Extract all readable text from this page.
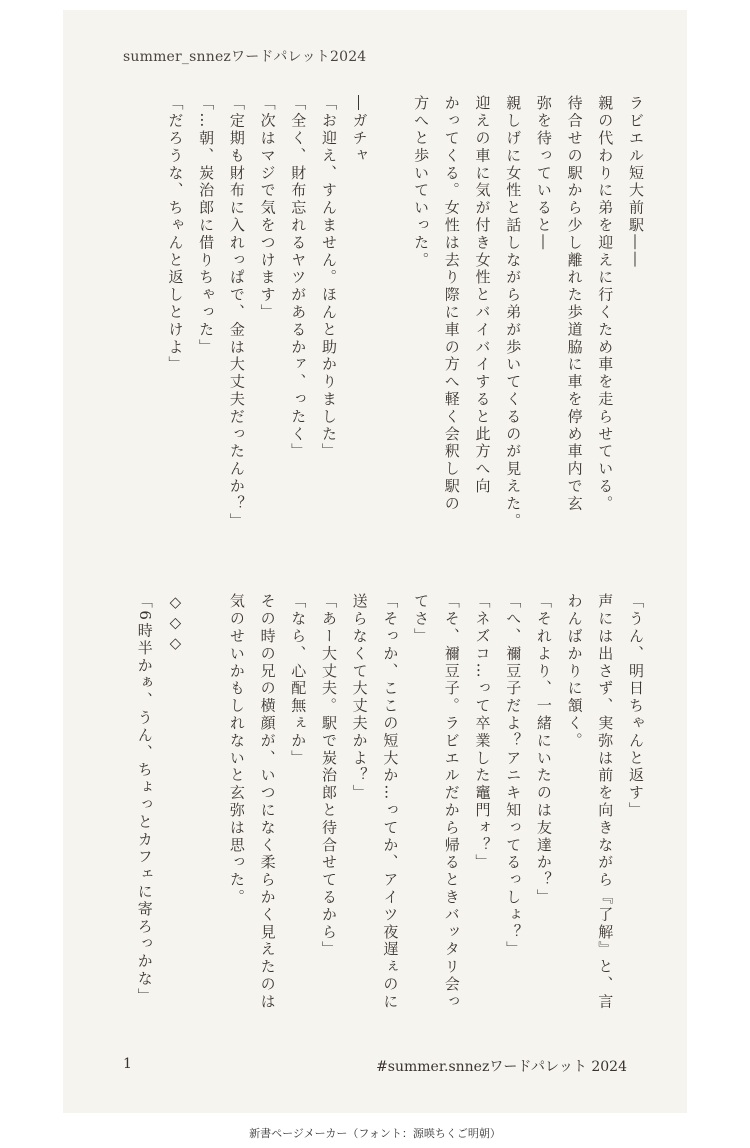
summer_snnezワードパレット2024

ラビエル短大前駅――

親の代わりに弟を迎えに行くため車を走らせている。

待合せの駅から少し離れた歩道脇に車を停め車内で玄

弥を待っていると―

親しげに女性と話しながら弟が歩いてくるのが見えた。

迎えの車に気が付き女性とバイバイすると此方へ向

かってくる。女性は去り際に車の方へ軽く会釈し駅の

方へと歩いていった。

―ガチャ

「お迎え、すんません。ほんと助かりました」

「全く、財布忘れるヤツがあるかァ、ったく」

「次はマジで気をつけます」

「定期も財布に入れっぱで、金は大丈夫だったんか？」

「…朝、炭治郎に借りちゃった」

「だろうな、ちゃんと返しとけよ」

「うん、明日ちゃんと返す」

声には出さず、実弥は前を向きながら『了解』と、言

わんばかりに頷く。

「それより、一緒にいたのは友達か？」

「へ、禰豆子だよ？アニキ知ってるっしょ？」

「ネズコ…って卒業した竈門ォ？」

「そ、禰豆子。ラビエルだから帰るときバッタリ会っ

てさ」

「そっか、ここの短大か…ってか、アイツ夜遅ぇのに

送らなくて大丈夫かよ？」

「あー大丈夫。駅で炭治郎と待合せてるから」

「なら、心配無ぇか」

その時の兄の横顔が、いつになく柔らかく見えたのは

気のせいかもしれないと玄弥は思った。

◇◇◇

「6時半かぁ、うん、ちょっとカフェに寄ろっかな」

1	#summer.snnezワードパレット 2024
新書ページメーカー（フォント：源暎ちくご明朝）
